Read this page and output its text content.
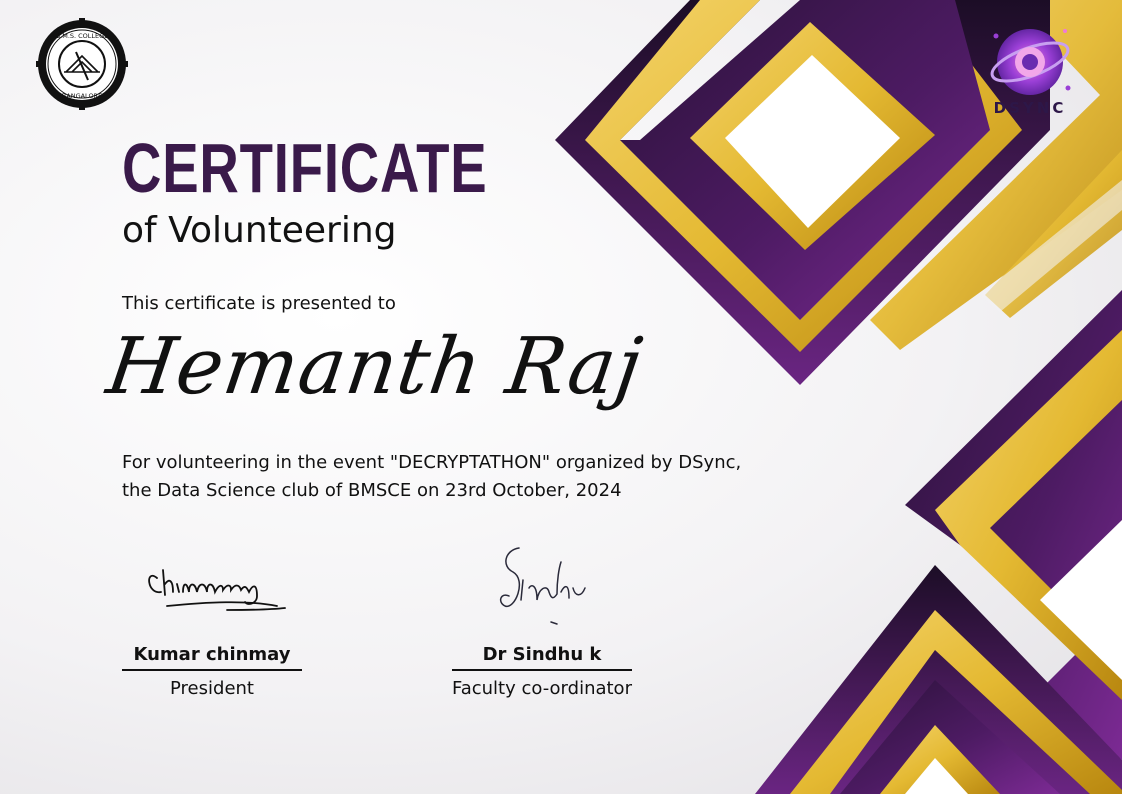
B.M.S. COLLEGE
BANGALORE
DSYNC
CERTIFICATE
of Volunteering
This certificate is presented to
Hemanth Raj

For volunteering in the event "DECRYPTATHON" organized by DSync, the Data Science club of BMSCE on 23rd October, 2024

Kumar chinmay
President
Dr Sindhu k
Faculty co-ordinator
